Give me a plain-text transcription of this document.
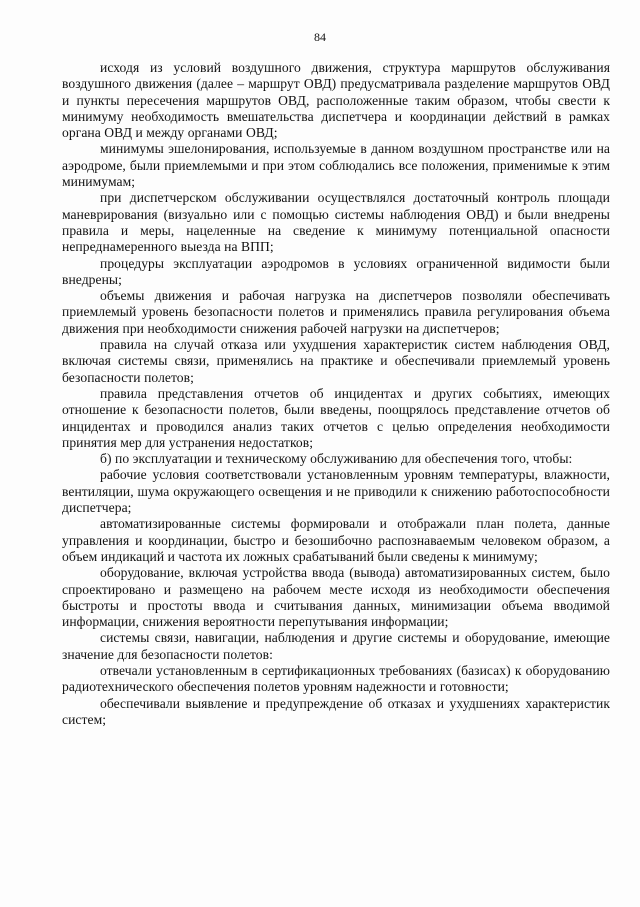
84

исходя из условий воздушного движения, структура маршрутов обслуживания воздушного движения (далее – маршрут ОВД) предусматривала разделение маршрутов ОВД и пункты пересечения маршрутов ОВД, расположенные таким образом, чтобы свести к минимуму необходимость вмешательства диспетчера и координации действий в рамках органа ОВД и между органами ОВД;

минимумы эшелонирования, используемые в данном воздушном пространстве или на аэродроме, были приемлемыми и при этом соблюдались все положения, применимые к этим минимумам;

при диспетчерском обслуживании осуществлялся достаточный контроль площади маневрирования (визуально или с помощью системы наблюдения ОВД) и были внедрены правила и меры, нацеленные на сведение к минимуму потенциальной опасности непреднамеренного выезда на ВПП;

процедуры эксплуатации аэродромов в условиях ограниченной видимости были внедрены;

объемы движения и рабочая нагрузка на диспетчеров позволяли обеспечивать приемлемый уровень безопасности полетов и применялись правила регулирования объема движения при необходимости снижения рабочей нагрузки на диспетчеров;

правила на случай отказа или ухудшения характеристик систем наблюдения ОВД, включая системы связи, применялись на практике и обеспечивали приемлемый уровень безопасности полетов;

правила представления отчетов об инцидентах и других событиях, имеющих отношение к безопасности полетов, были введены, поощрялось представление отчетов об инцидентах и проводился анализ таких отчетов с целью определения необходимости принятия мер для устранения недостатков;

б) по эксплуатации и техническому обслуживанию для обеспечения того, чтобы:

рабочие условия соответствовали установленным уровням температуры, влажности, вентиляции, шума окружающего освещения и не приводили к снижению работоспособности диспетчера;

автоматизированные системы формировали и отображали план полета, данные управления и координации, быстро и безошибочно распознаваемым человеком образом, а объем индикаций и частота их ложных срабатываний были сведены к минимуму;

оборудование, включая устройства ввода (вывода) автоматизированных систем, было спроектировано и размещено на рабочем месте исходя из необходимости обеспечения быстроты и простоты ввода и считывания данных, минимизации объема вводимой информации, снижения вероятности перепутывания информации;

системы связи, навигации, наблюдения и другие системы и оборудование, имеющие значение для безопасности полетов:

отвечали установленным в сертификационных требованиях (базисах) к оборудованию радиотехнического обеспечения полетов уровням надежности и готовности;

обеспечивали выявление и предупреждение об отказах и ухудшениях характеристик систем;
